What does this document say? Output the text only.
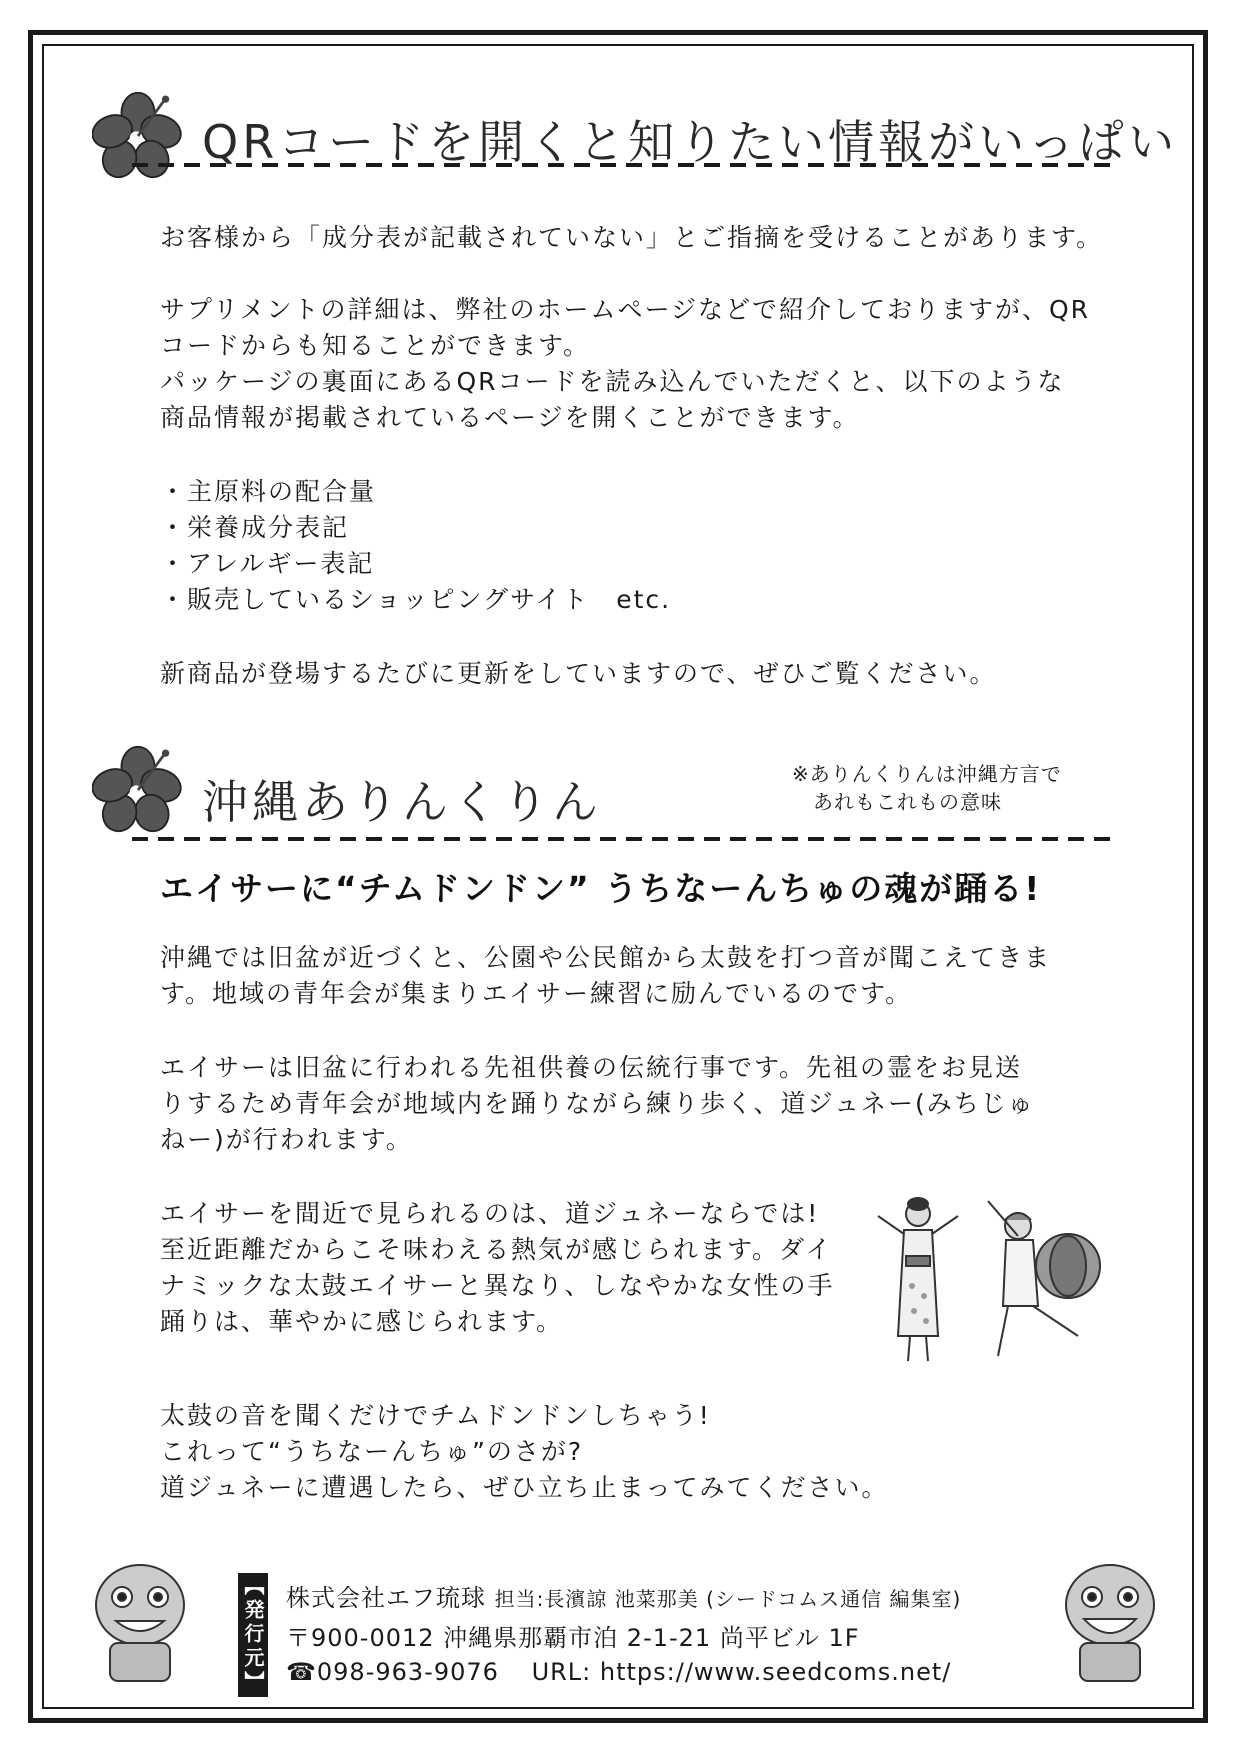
QRコードを開くと知りたい情報がいっぱい

お客様から「成分表が記載されていない」とご指摘を受けることがあります。

サプリメントの詳細は、弊社のホームページなどで紹介しておりますが、QR
コードからも知ることができます。
パッケージの裏面にあるQRコードを読み込んでいただくと、以下のような
商品情報が掲載されているページを開くことができます。

・主原料の配合量
・栄養成分表記
・アレルギー表記
・販売しているショッピングサイト　etc.

新商品が登場するたびに更新をしていますので、ぜひご覧ください。

沖縄ありんくりん
※ありんくりんは沖縄方言で
　あれもこれもの意味
エイサーに“チムドンドン” うちなーんちゅの魂が踊る!

沖縄では旧盆が近づくと、公園や公民館から太鼓を打つ音が聞こえてきま
す。地域の青年会が集まりエイサー練習に励んでいるのです。

エイサーは旧盆に行われる先祖供養の伝統行事です。先祖の霊をお見送
りするため青年会が地域内を踊りながら練り歩く、道ジュネー(みちじゅ
ねー)が行われます。

エイサーを間近で見られるのは、道ジュネーならでは!
至近距離だからこそ味わえる熱気が感じられます。ダイ
ナミックな太鼓エイサーと異なり、しなやかな女性の手
踊りは、華やかに感じられます。

太鼓の音を聞くだけでチムドンドンしちゃう!
これって“うちなーんちゅ”のさが?
道ジュネーに遭遇したら、ぜひ立ち止まってみてください。

【発行元】 株式会社エフ琉球 担当:長濱諒 池菜那美 (シードコムス通信 編集室)
〒900-0012 沖縄県那覇市泊 2-1-21 尚平ビル 1F
☎098-963-9076 URL: https://www.seedcoms.net/
